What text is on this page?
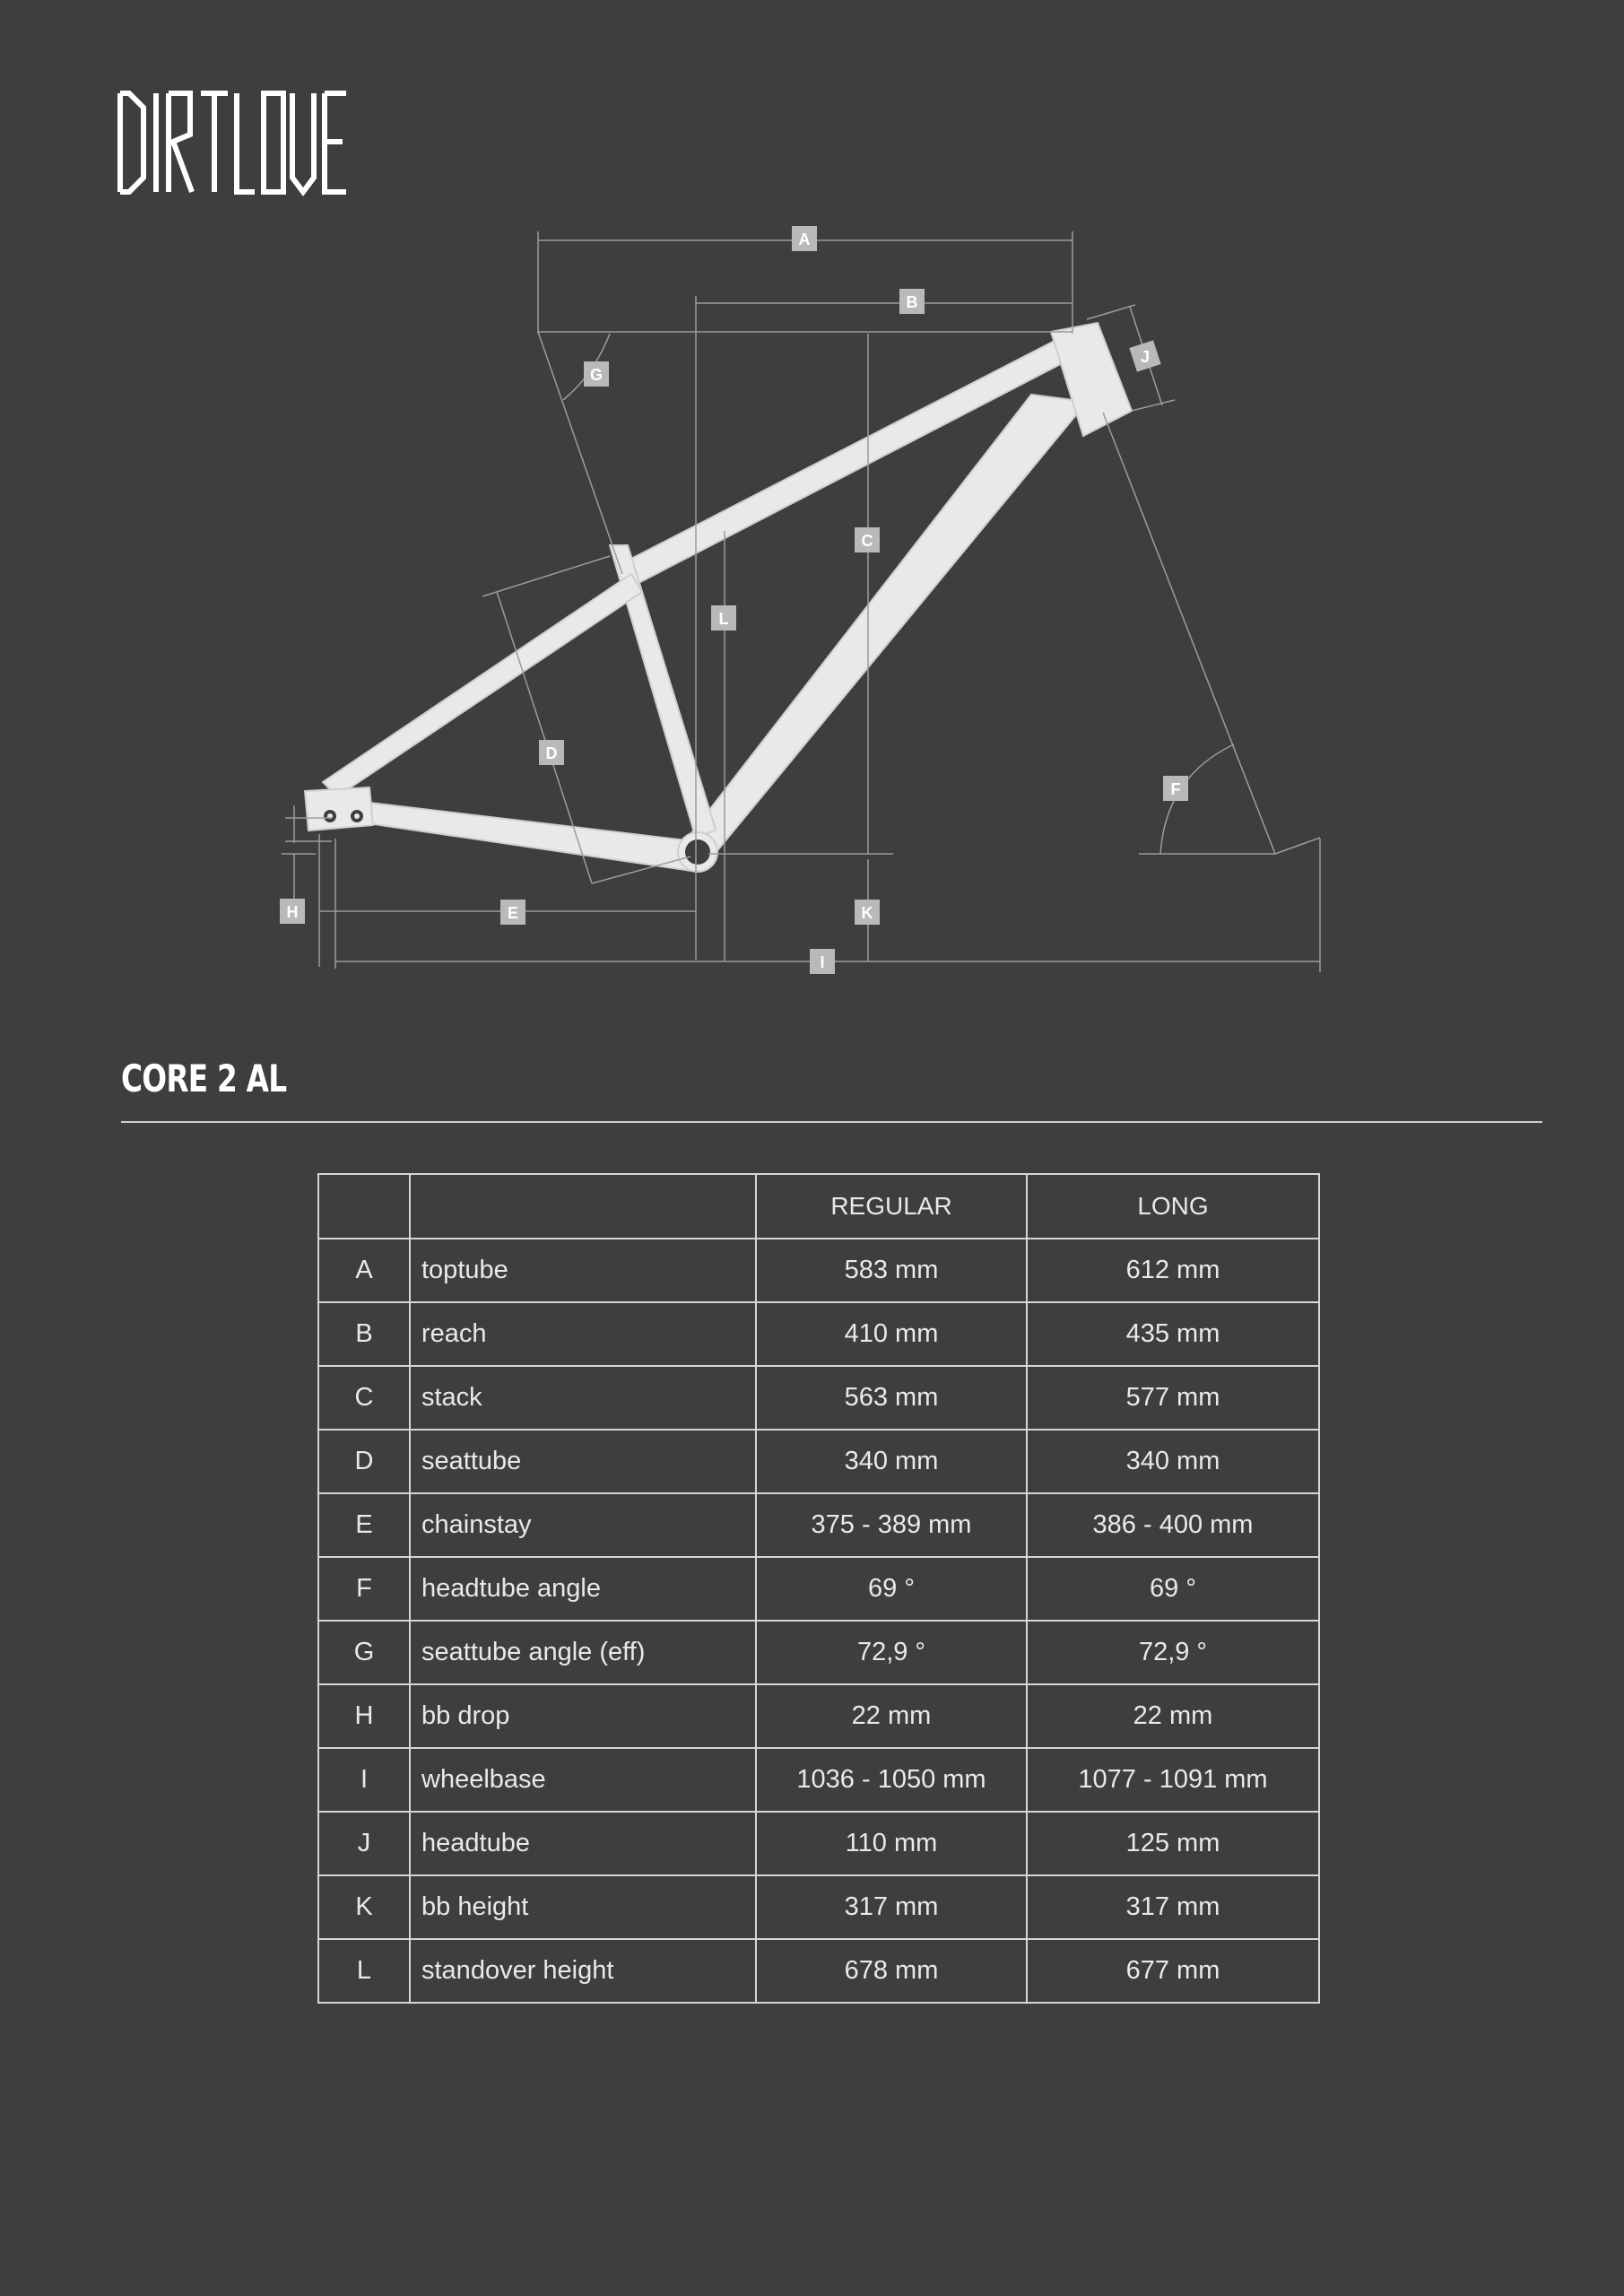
A
B
C
D
E
F
G
H
I
J
K
L
CORE 2 AL
		REGULAR	LONG
A	toptube	583 mm	612 mm
B	reach	410 mm	435 mm
C	stack	563 mm	577 mm
D	seattube	340 mm	340 mm
E	chainstay	375 - 389 mm	386 - 400 mm
F	headtube angle	69 °	69 °
G	seattube angle (eff)	72,9 °	72,9 °
H	bb drop	22 mm	22 mm
I	wheelbase	1036 - 1050 mm	1077 - 1091 mm
J	headtube	110 mm	125 mm
K	bb height	317 mm	317 mm
L	standover height	678 mm	677 mm
